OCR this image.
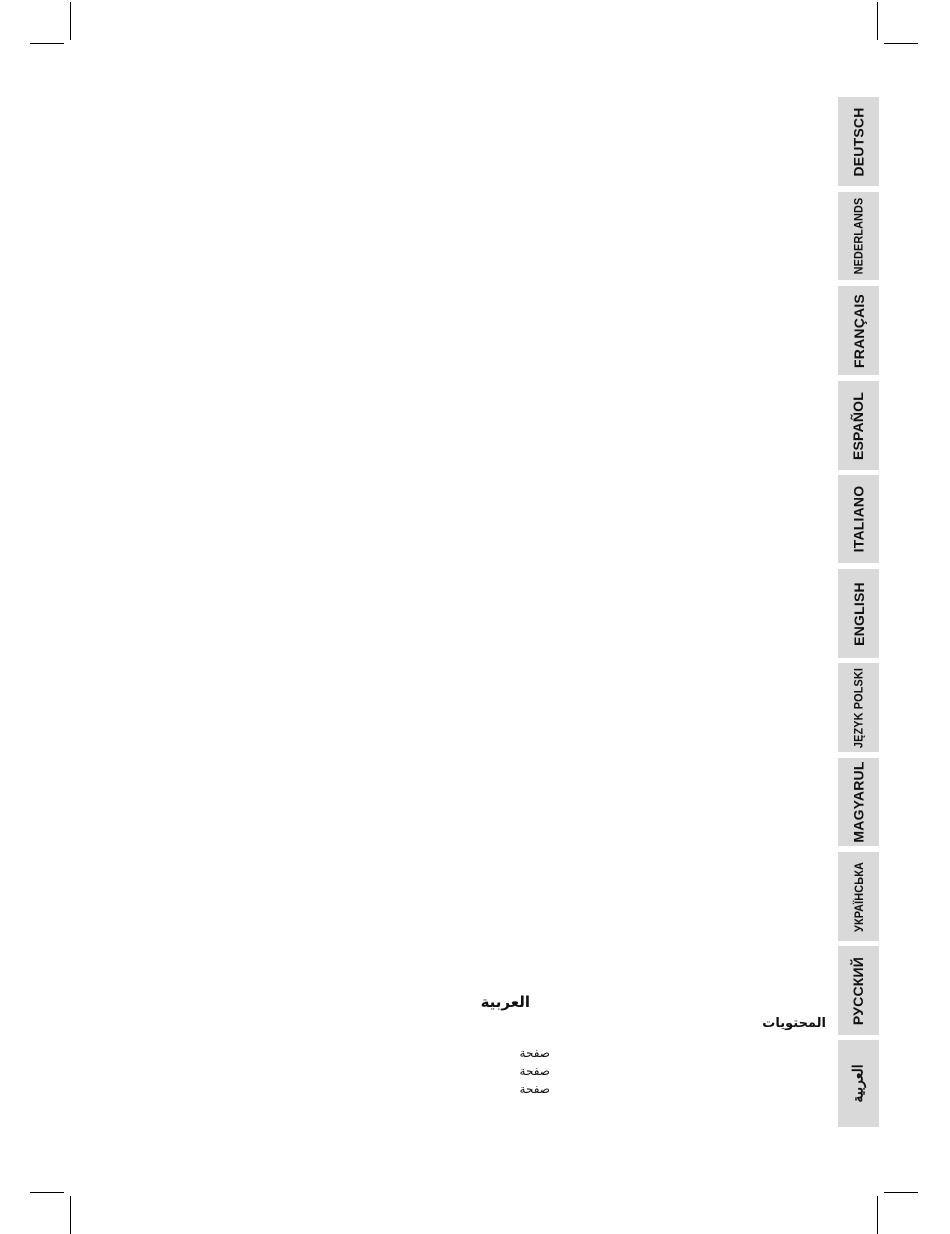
DEUTSCH
NEDERLANDS
FRANÇAIS
ESPAÑOL
ITALIANO
ENGLISH
JĘZYK POLSKI
MAGYARUL
УКРАЇНСЬКА
РУССКИЙ
العربية
العربية
المحتويات
صفحة
صفحة
صفحة
